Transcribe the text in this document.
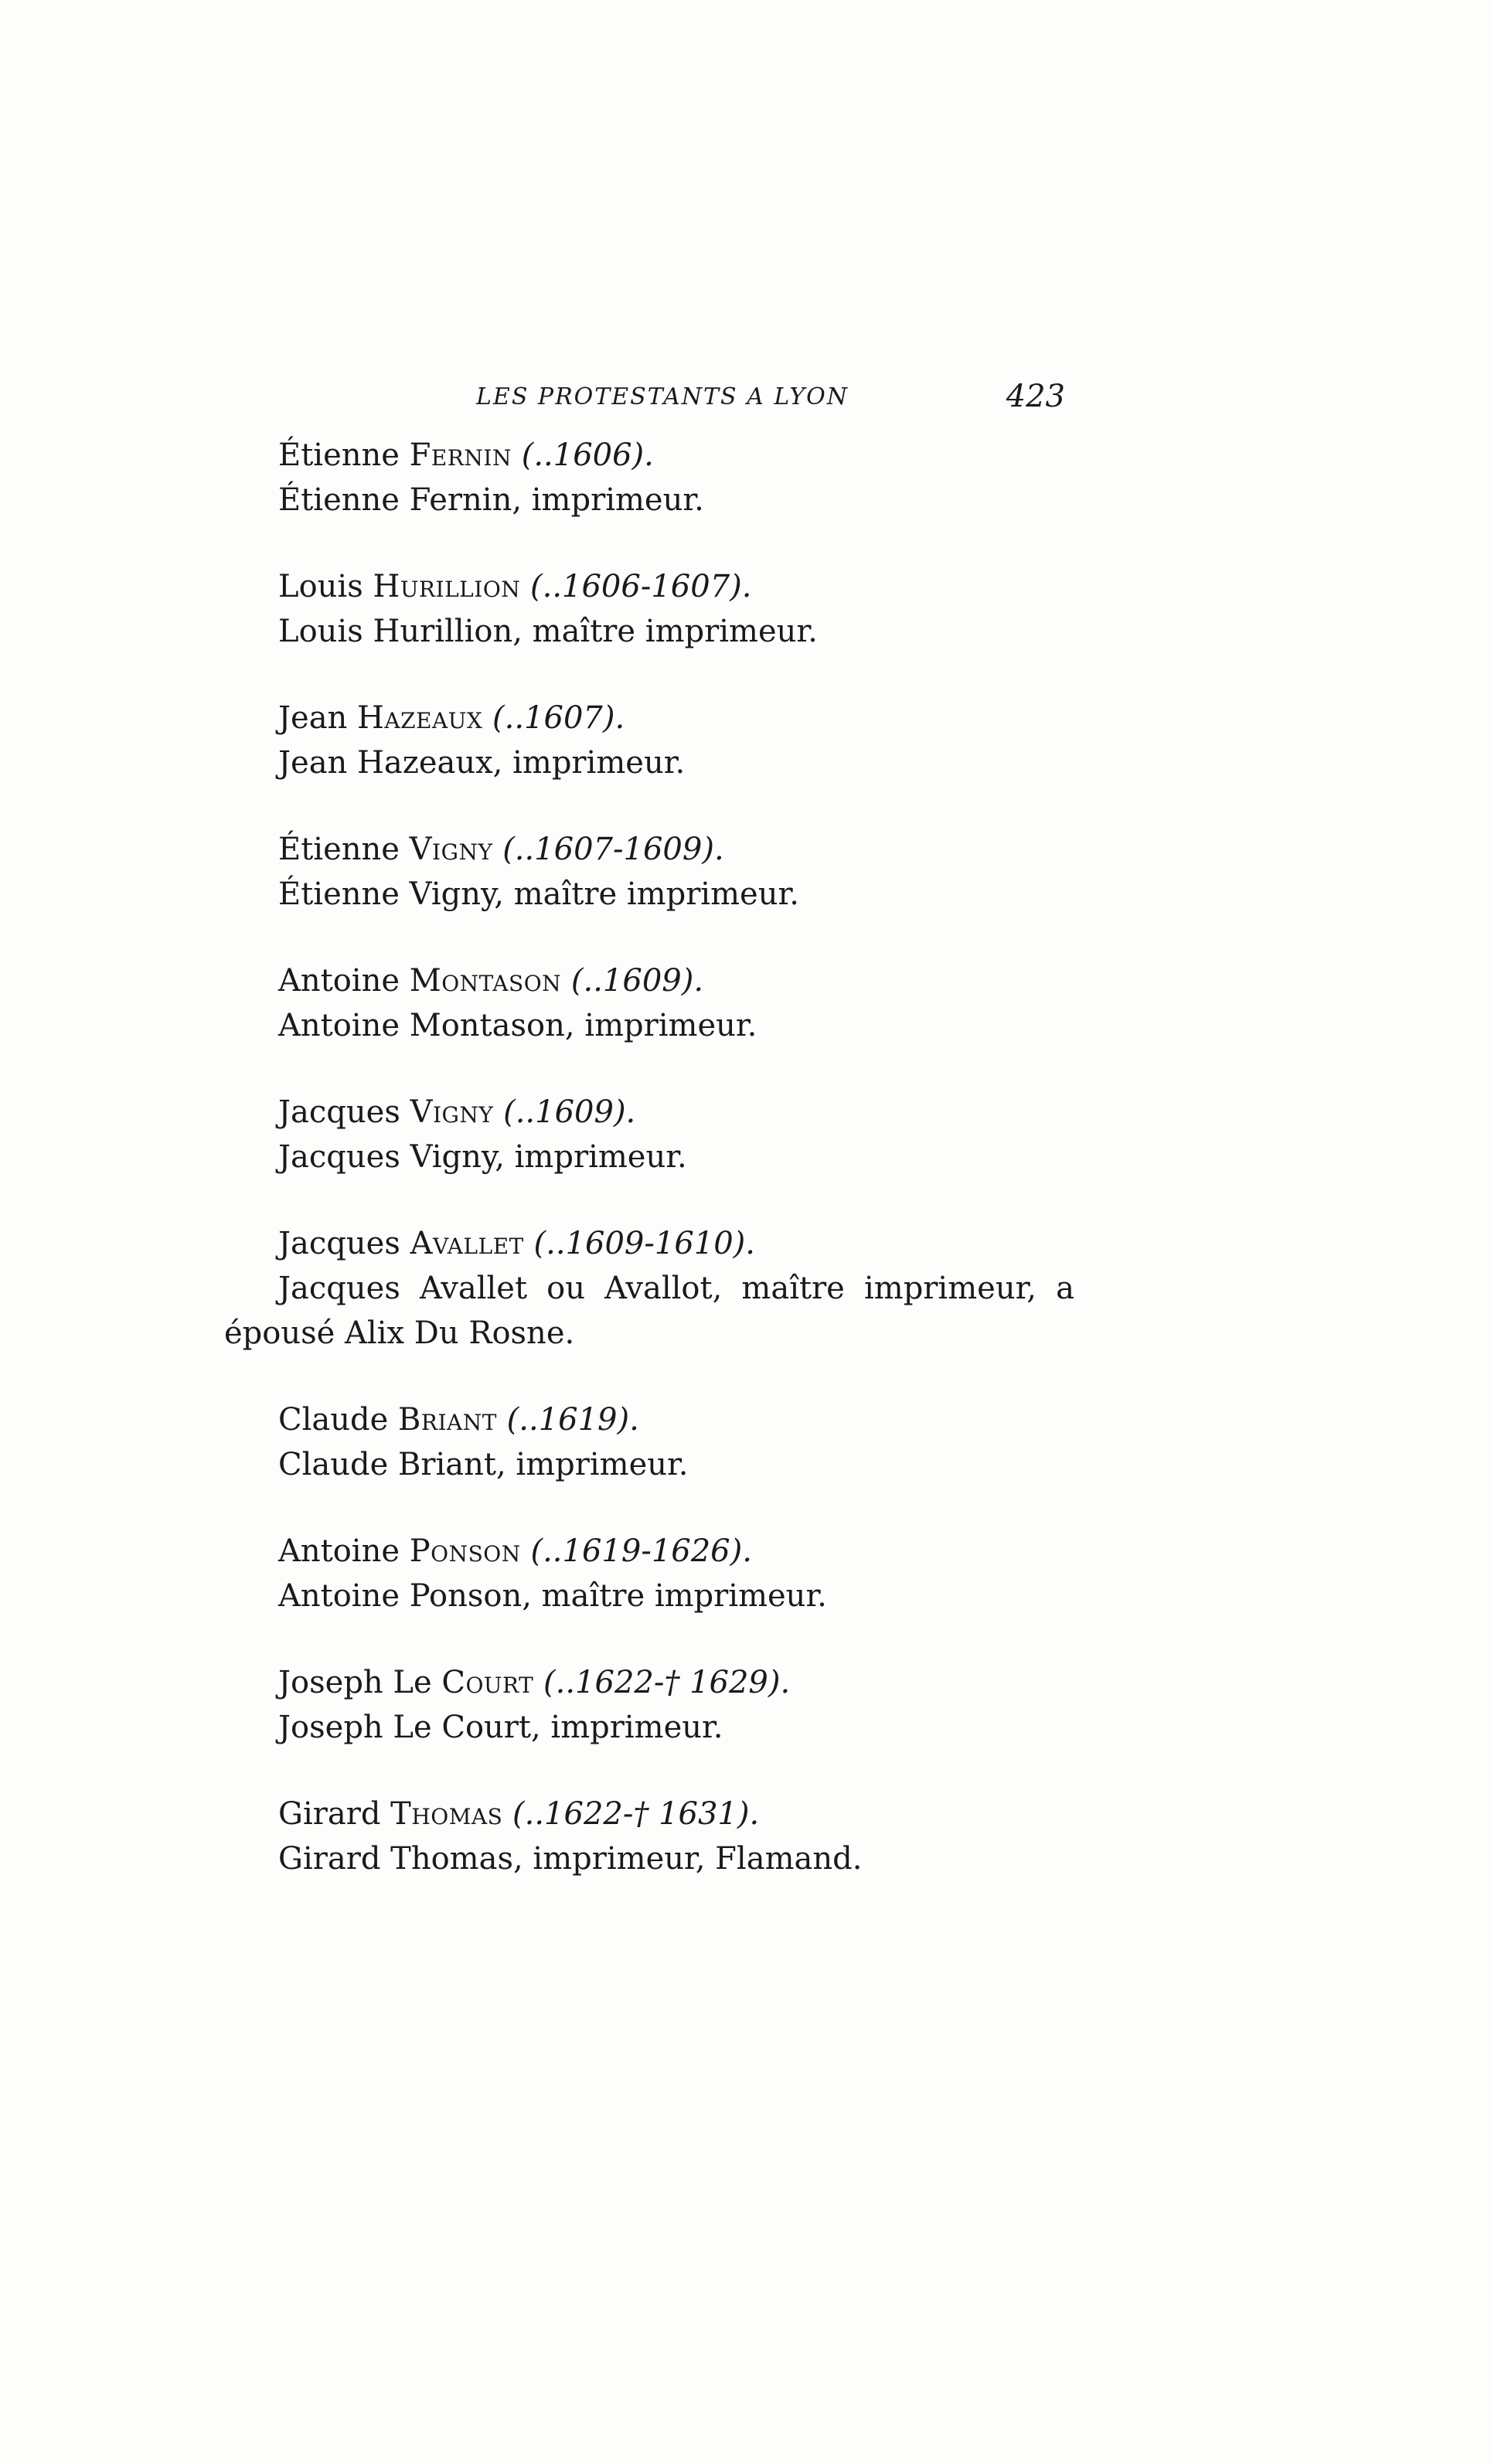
LES PROTESTANTS A LYON	423

Étienne Fernin (..1606).

Étienne Fernin, imprimeur.

Louis Hurillion (..1606-1607).

Louis Hurillion, maître imprimeur.

Jean Hazeaux (..1607).

Jean Hazeaux, imprimeur.

Étienne Vigny (..1607-1609).

Étienne Vigny, maître imprimeur.

Antoine Montason (..1609).

Antoine Montason, imprimeur.

Jacques Vigny (..1609).

Jacques Vigny, imprimeur.

Jacques Avallet (..1609-1610).

Jacques Avallet ou Avallot, maître imprimeur, a épousé Alix Du Rosne.

Claude Briant (..1619).

Claude Briant, imprimeur.

Antoine Ponson (..1619-1626).

Antoine Ponson, maître imprimeur.

Joseph Le Court (..1622-† 1629).

Joseph Le Court, imprimeur.

Girard Thomas (..1622-† 1631).

Girard Thomas, imprimeur, Flamand.
